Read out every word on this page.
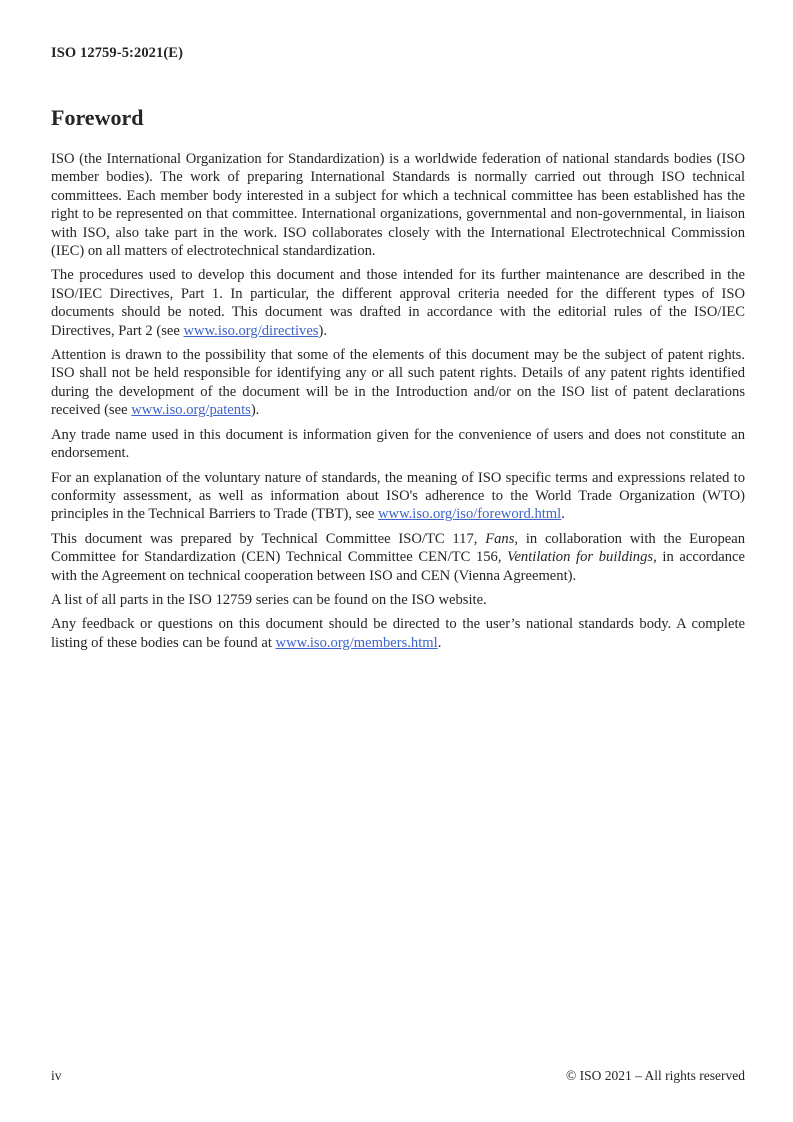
ISO 12759-5:2021(E)
Foreword

ISO (the International Organization for Standardization) is a worldwide federation of national standards bodies (ISO member bodies). The work of preparing International Standards is normally carried out through ISO technical committees. Each member body interested in a subject for which a technical committee has been established has the right to be represented on that committee. International organizations, governmental and non-governmental, in liaison with ISO, also take part in the work. ISO collaborates closely with the International Electrotechnical Commission (IEC) on all matters of electrotechnical standardization.

The procedures used to develop this document and those intended for its further maintenance are described in the ISO/IEC Directives, Part 1. In particular, the different approval criteria needed for the different types of ISO documents should be noted. This document was drafted in accordance with the editorial rules of the ISO/IEC Directives, Part 2 (see www.iso.org/directives).

Attention is drawn to the possibility that some of the elements of this document may be the subject of patent rights. ISO shall not be held responsible for identifying any or all such patent rights. Details of any patent rights identified during the development of the document will be in the Introduction and/or on the ISO list of patent declarations received (see www.iso.org/patents).

Any trade name used in this document is information given for the convenience of users and does not constitute an endorsement.

For an explanation of the voluntary nature of standards, the meaning of ISO specific terms and expressions related to conformity assessment, as well as information about ISO's adherence to the World Trade Organization (WTO) principles in the Technical Barriers to Trade (TBT), see www.iso.org/iso/foreword.html.

This document was prepared by Technical Committee ISO/TC 117, Fans, in collaboration with the European Committee for Standardization (CEN) Technical Committee CEN/TC 156, Ventilation for buildings, in accordance with the Agreement on technical cooperation between ISO and CEN (Vienna Agreement).

A list of all parts in the ISO 12759 series can be found on the ISO website.

Any feedback or questions on this document should be directed to the user’s national standards body. A complete listing of these bodies can be found at www.iso.org/members.html.

iv	© ISO 2021 – All rights reserved
